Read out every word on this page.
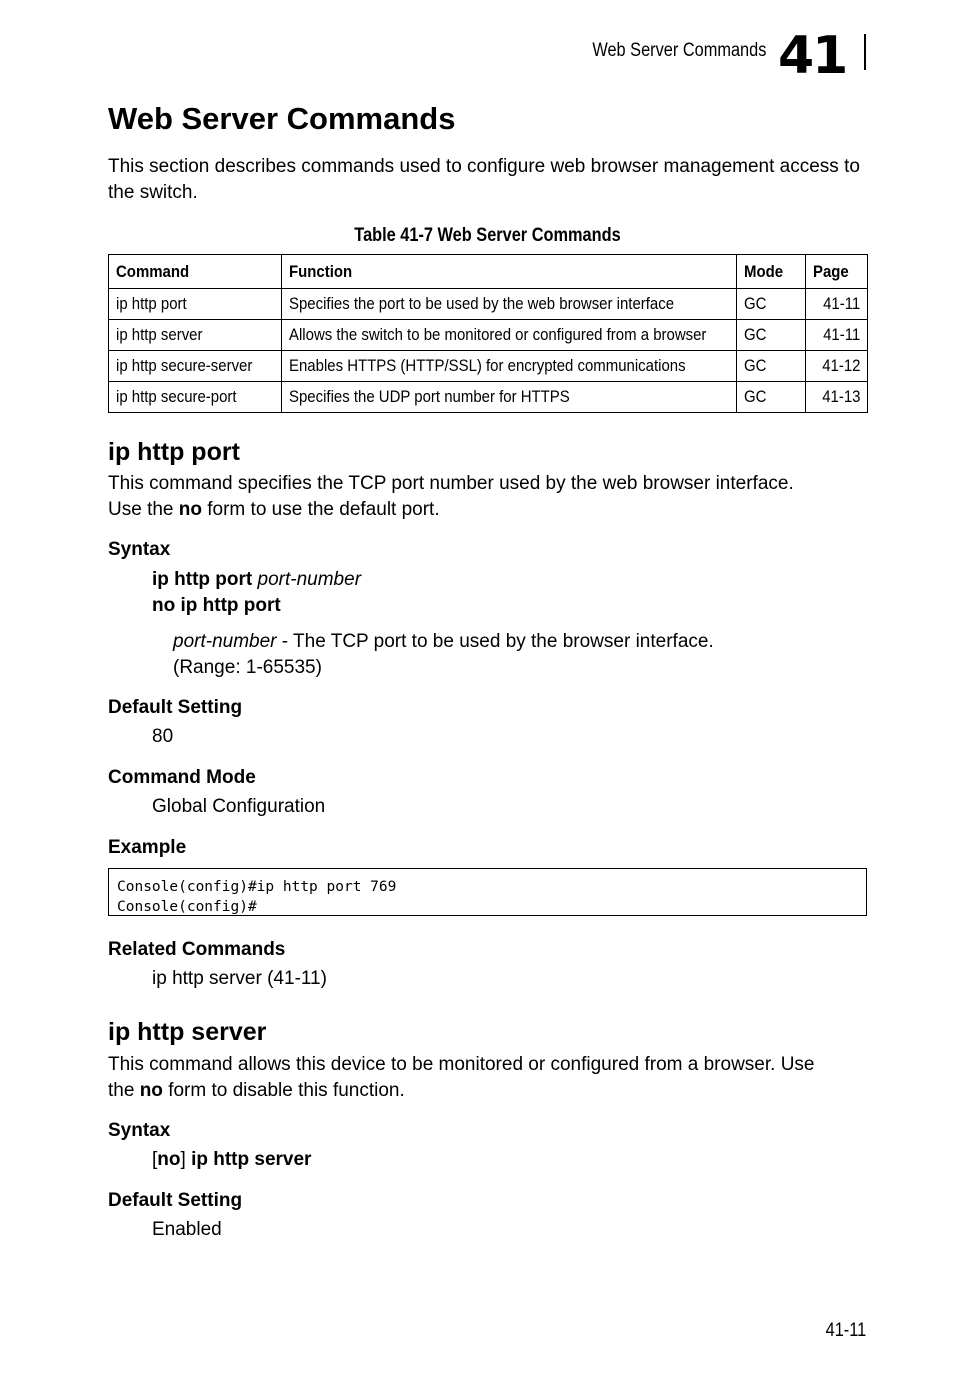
Web Server Commands 41
Web Server Commands
This section describes commands used to configure web browser management access to the switch.
Table 41-7 Web Server Commands
Command	Function	Mode	Page
ip http port	Specifies the port to be used by the web browser interface	GC	41-11
ip http server	Allows the switch to be monitored or configured from a browser	GC	41-11
ip http secure-server	Enables HTTPS (HTTP/SSL) for encrypted communications	GC	41-12
ip http secure-port	Specifies the UDP port number for HTTPS	GC	41-13
ip http port
This command specifies the TCP port number used by the web browser interface.
Use the no form to use the default port.
Syntax
ip http port port-number
no ip http port
port-number - The TCP port to be used by the browser interface.
(Range: 1-65535)
Default Setting
80
Command Mode
Global Configuration
Example
Console(config)#ip http port 769
Console(config)#
Related Commands
ip http server (41-11)
ip http server
This command allows this device to be monitored or configured from a browser. Use
the no form to disable this function.
Syntax
[no] ip http server
Default Setting
Enabled
41-11
